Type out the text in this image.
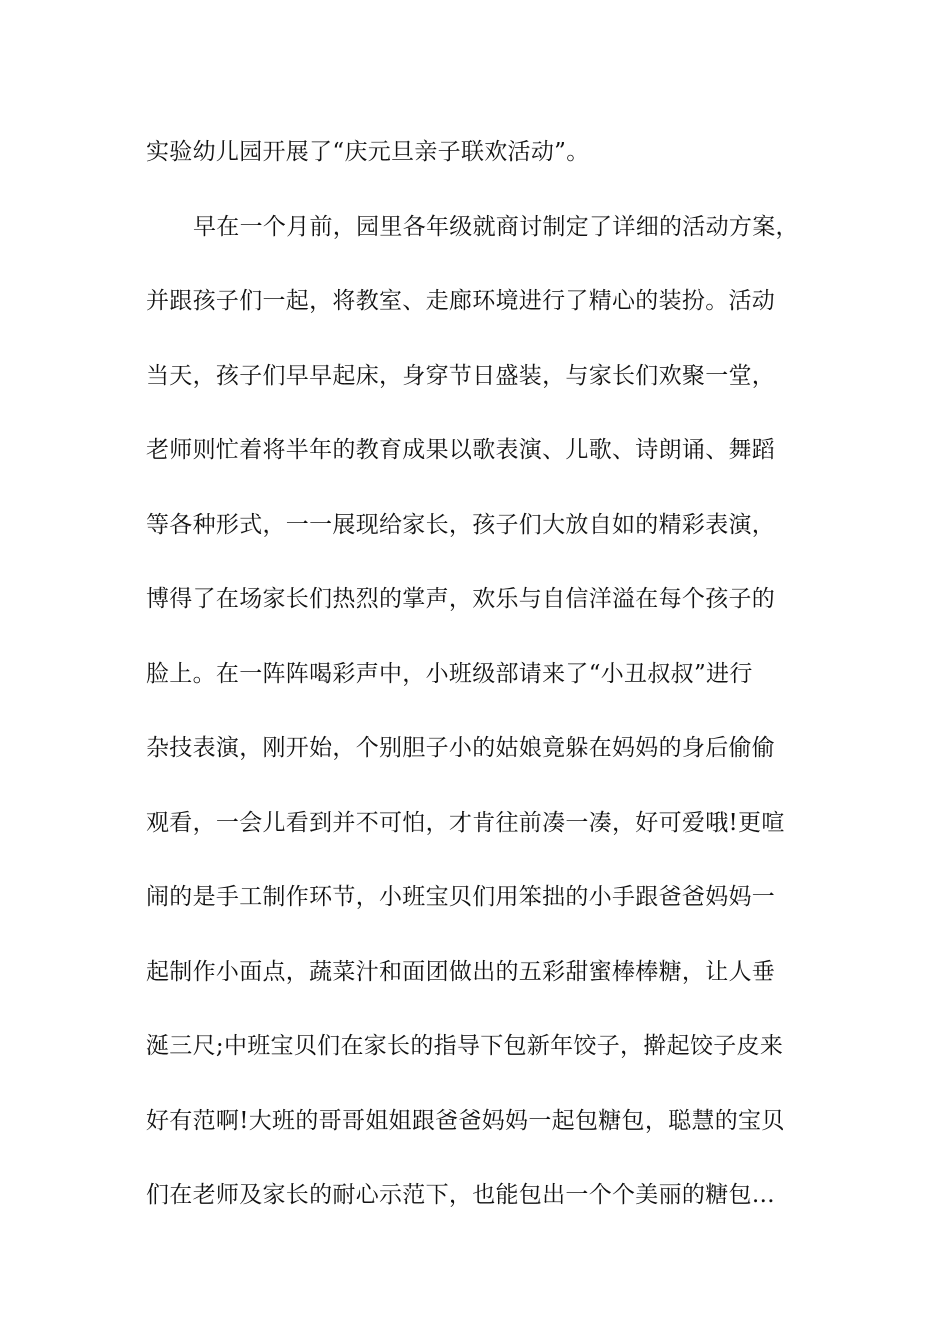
实验幼儿园开展了“庆元旦亲子联欢活动”。
早在一个月前，园里各年级就商讨制定了详细的活动方案，
并跟孩子们一起，将教室、走廊环境进行了精心的装扮。活动
当天，孩子们早早起床，身穿节日盛装，与家长们欢聚一堂，
老师则忙着将半年的教育成果以歌表演、儿歌、诗朗诵、舞蹈
等各种形式，一一展现给家长，孩子们大放自如的精彩表演，
博得了在场家长们热烈的掌声，欢乐与自信洋溢在每个孩子的
脸上。在一阵阵喝彩声中，小班级部请来了“小丑叔叔”进行
杂技表演，刚开始，个别胆子小的姑娘竟躲在妈妈的身后偷偷
观看，一会儿看到并不可怕，才肯往前凑一凑，好可爱哦!更喧
闹的是手工制作环节，小班宝贝们用笨拙的小手跟爸爸妈妈一
起制作小面点，蔬菜汁和面团做出的五彩甜蜜棒棒糖，让人垂
涎三尺;中班宝贝们在家长的指导下包新年饺子，擀起饺子皮来
好有范啊!大班的哥哥姐姐跟爸爸妈妈一起包糖包，聪慧的宝贝
们在老师及家长的耐心示范下，也能包出一个个美丽的糖包…
